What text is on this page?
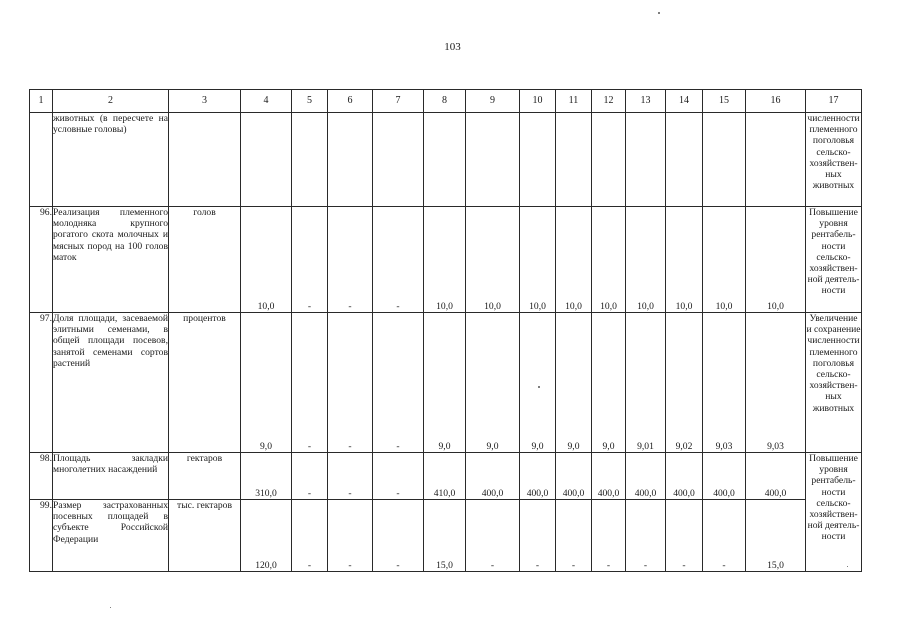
103
1	2	3	4	5	6	7	8	9	10	11	12	13	14	15	16	17
	животных (в пересчете на условные головы)															численности племенного поголовья сельско-хозяйствен-ных животных
96.	Реализация племенного молодняка крупного рогатого скота молочных и мясных пород на 100 голов маток	голов	10,0	-	-	-	10,0	10,0	10,0	10,0	10,0	10,0	10,0	10,0	10,0	Повышение уровня рентабель-ности сельско-хозяйствен-ной деятель-ности
97.	Доля площади, засеваемой элитными семенами, в общей площади посевов, занятой семенами сортов растений	процентов	9,0	-	-	-	9,0	9,0	9,0	9,0	9,0	9,01	9,02	9,03	9,03	Увеличение и сохранение численности племенного поголовья сельско-хозяйствен-ных животных
98.	Площадь закладки многолетних насаждений	гектаров	310,0	-	-	-	410,0	400,0	400,0	400,0	400,0	400,0	400,0	400,0	400,0	Повышение уровня рентабель-ности сельско-хозяйствен-ной деятель-ности
99.	Размер застрахованных посевных площадей в субъекте Российской Федерации	тыс. гектаров	120,0	-	-	-	15,0	-	-	-	-	-	-	-	15,0	
